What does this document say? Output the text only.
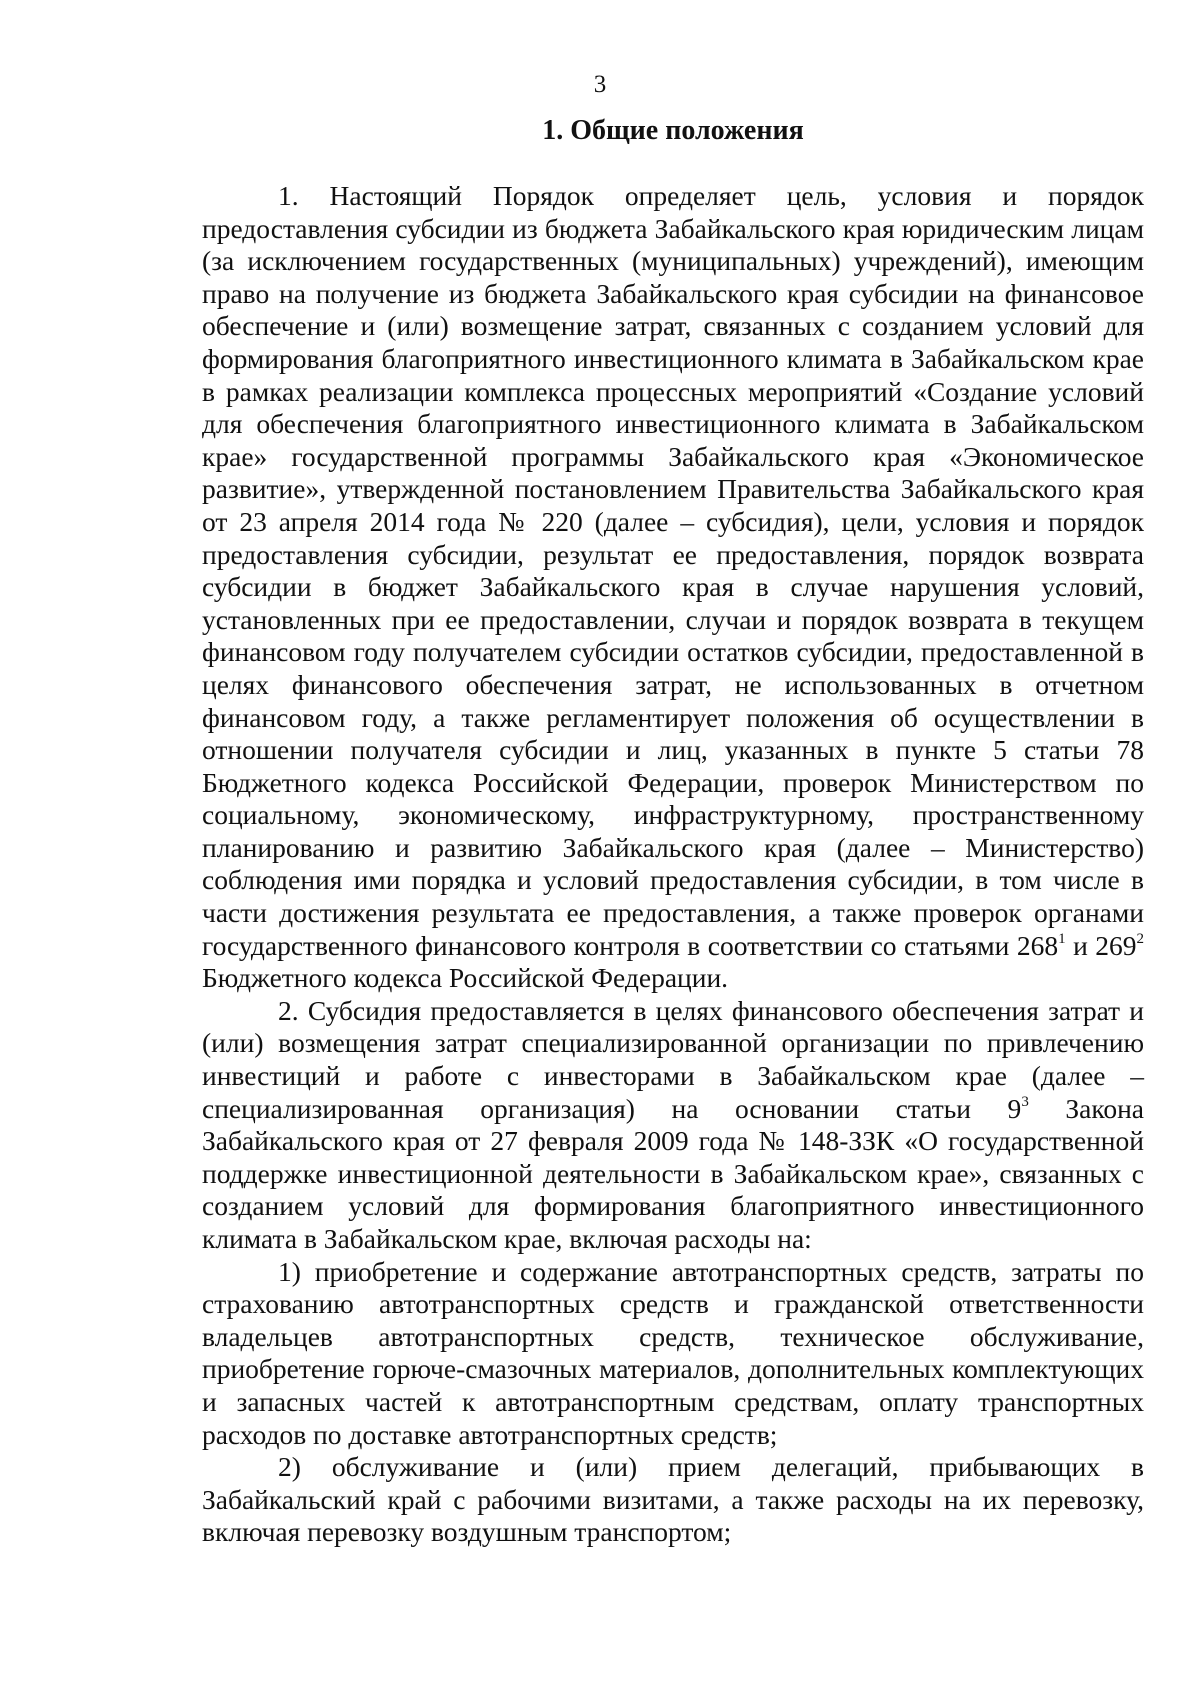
3
1. Общие положения

1. Настоящий Порядок определяет цель, условия и порядок предоставления субсидии из бюджета Забайкальского края юридическим лицам (за исключением государственных (муниципальных) учреждений), имеющим право на получение из бюджета Забайкальского края субсидии на финансовое обеспечение и (или) возмещение затрат, связанных с созданием условий для формирования благоприятного инвестиционного климата в Забайкальском крае в рамках реализации комплекса процессных мероприятий «Создание условий для обеспечения благоприятного инвестиционного климата в Забайкальском крае» государственной программы Забайкальского края «Экономическое развитие», утвержденной постановлением Правительства Забайкальского края от 23 апреля 2014 года № 220 (далее – субсидия), цели, условия и порядок предоставления субсидии, результат ее предоставления, порядок возврата субсидии в бюджет Забайкальского края в случае нарушения условий, установленных при ее предоставлении, случаи и порядок возврата в текущем финансовом году получателем субсидии остатков субсидии, предоставленной в целях финансового обеспечения затрат, не использованных в отчетном финансовом году, а также регламентирует положения об осуществлении в отношении получателя субсидии и лиц, указанных в пункте 5 статьи 78 Бюджетного кодекса Российской Федерации, проверок Министерством по социальному, экономическому, инфраструктурному, пространственному планированию и развитию Забайкальского края (далее – Министерство) соблюдения ими порядка и условий предоставления субсидии, в том числе в части достижения результата ее предоставления, а также проверок органами государственного финансового контроля в соответствии со статьями $268^1$ и $269^2$ Бюджетного кодекса Российской Федерации.

2. Субсидия предоставляется в целях финансового обеспечения затрат и (или) возмещения затрат специализированной организации по привлечению инвестиций и работе с инвесторами в Забайкальском крае (далее – специализированная организация) на основании статьи $9^3$ Закона Забайкальского края от 27 февраля 2009 года № 148-ЗЗК «О государственной поддержке инвестиционной деятельности в Забайкальском крае», связанных с созданием условий для формирования благоприятного инвестиционного климата в Забайкальском крае, включая расходы на:

1) приобретение и содержание автотранспортных средств, затраты по страхованию автотранспортных средств и гражданской ответственности владельцев автотранспортных средств, техническое обслуживание, приобретение горюче-смазочных материалов, дополнительных комплектующих и запасных частей к автотранспортным средствам, оплату транспортных расходов по доставке автотранспортных средств;

2) обслуживание и (или) прием делегаций, прибывающих в Забайкальский край с рабочими визитами, а также расходы на их перевозку, включая перевозку воздушным транспортом;
